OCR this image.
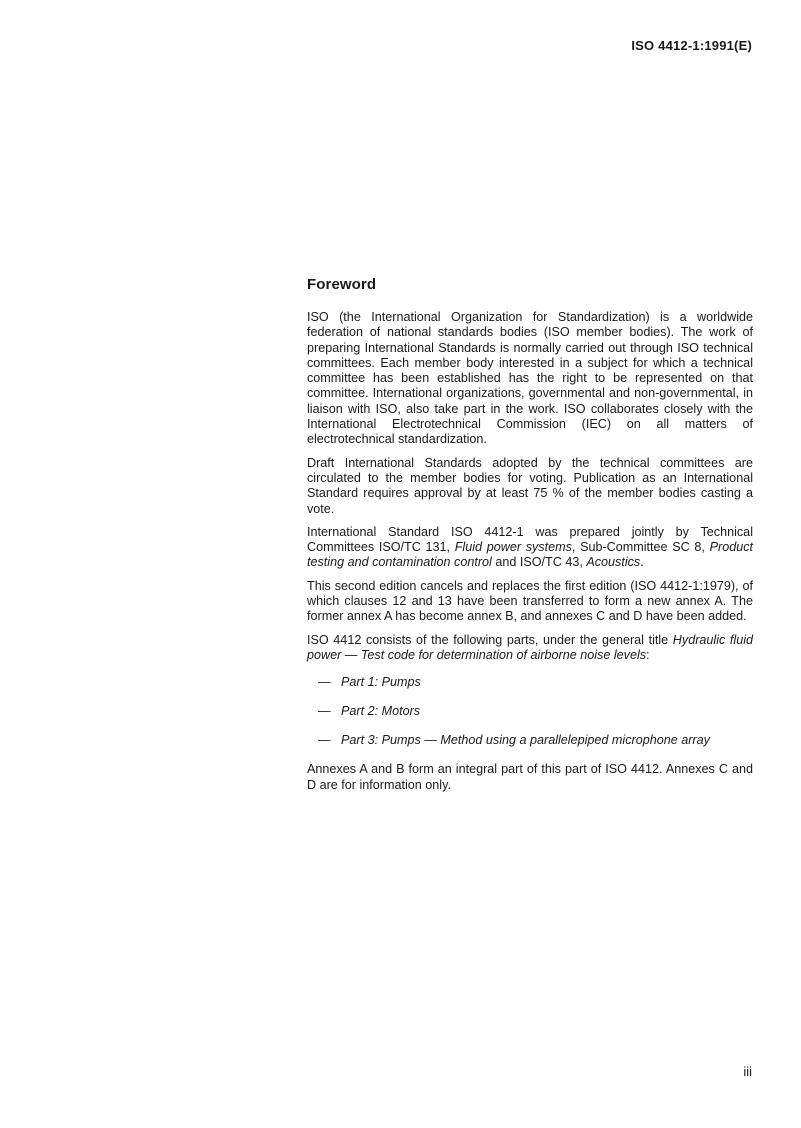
ISO 4412-1:1991(E)
Foreword

ISO (the International Organization for Standardization) is a worldwide federation of national standards bodies (ISO member bodies). The work of preparing International Standards is normally carried out through ISO technical committees. Each member body interested in a subject for which a technical committee has been established has the right to be represented on that committee. International organizations, governmental and non-governmental, in liaison with ISO, also take part in the work. ISO collaborates closely with the International Electrotechnical Commission (IEC) on all matters of electrotechnical standardization.

Draft International Standards adopted by the technical committees are circulated to the member bodies for voting. Publication as an International Standard requires approval by at least 75 % of the member bodies casting a vote.

International Standard ISO 4412-1 was prepared jointly by Technical Committees ISO/TC 131, Fluid power systems, Sub-Committee SC 8, Product testing and contamination control and ISO/TC 43, Acoustics.

This second edition cancels and replaces the first edition (ISO 4412-1:1979), of which clauses 12 and 13 have been transferred to form a new annex A. The former annex A has become annex B, and annexes C and D have been added.

ISO 4412 consists of the following parts, under the general title Hydraulic fluid power — Test code for determination of airborne noise levels:

— Part 1: Pumps
— Part 2: Motors
— Part 3: Pumps — Method using a parallelepiped microphone array

Annexes A and B form an integral part of this part of ISO 4412. Annexes C and D are for information only.

iii
